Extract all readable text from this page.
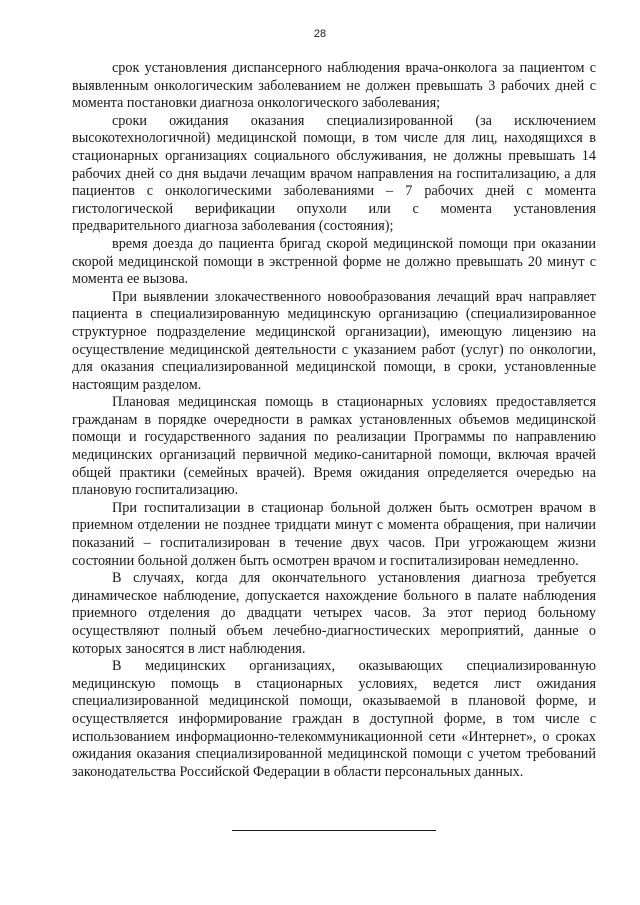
28

срок установления диспансерного наблюдения врача-онколога за пациентом с выявленным онкологическим заболеванием не должен превышать 3 рабочих дней с момента постановки диагноза онкологического заболевания;

сроки ожидания оказания специализированной (за исключением высокотехнологичной) медицинской помощи, в том числе для лиц, находящихся в стационарных организациях социального обслуживания, не должны превышать 14 рабочих дней со дня выдачи лечащим врачом направления на госпитализацию, а для пациентов с онкологическими заболеваниями – 7 рабочих дней с момента гистологической верификации опухоли или с момента установления предварительного диагноза заболевания (состояния);

время доезда до пациента бригад скорой медицинской помощи при оказании скорой медицинской помощи в экстренной форме не должно превышать 20 минут с момента ее вызова.

При выявлении злокачественного новообразования лечащий врач направляет пациента в специализированную медицинскую организацию (специализированное структурное подразделение медицинской организации), имеющую лицензию на осуществление медицинской деятельности с указанием работ (услуг) по онкологии, для оказания специализированной медицинской помощи, в сроки, установленные настоящим разделом.

Плановая медицинская помощь в стационарных условиях предоставляется гражданам в порядке очередности в рамках установленных объемов медицинской помощи и государственного задания по реализации Программы по направлению медицинских организаций первичной медико-санитарной помощи, включая врачей общей практики (семейных врачей). Время ожидания определяется очередью на плановую госпитализацию.

При госпитализации в стационар больной должен быть осмотрен врачом в приемном отделении не позднее тридцати минут с момента обращения, при наличии показаний – госпитализирован в течение двух часов. При угрожающем жизни состоянии больной должен быть осмотрен врачом и госпитализирован немедленно.

В случаях, когда для окончательного установления диагноза требуется динамическое наблюдение, допускается нахождение больного в палате наблюдения приемного отделения до двадцати четырех часов. За этот период больному осуществляют полный объем лечебно-диагностических мероприятий, данные о которых заносятся в лист наблюдения.

В медицинских организациях, оказывающих специализированную медицинскую помощь в стационарных условиях, ведется лист ожидания специализированной медицинской помощи, оказываемой в плановой форме, и осуществляется информирование граждан в доступной форме, в том числе с использованием информационно-телекоммуникационной сети «Интернет», о сроках ожидания оказания специализированной медицинской помощи с учетом требований законодательства Российской Федерации в области персональных данных.
